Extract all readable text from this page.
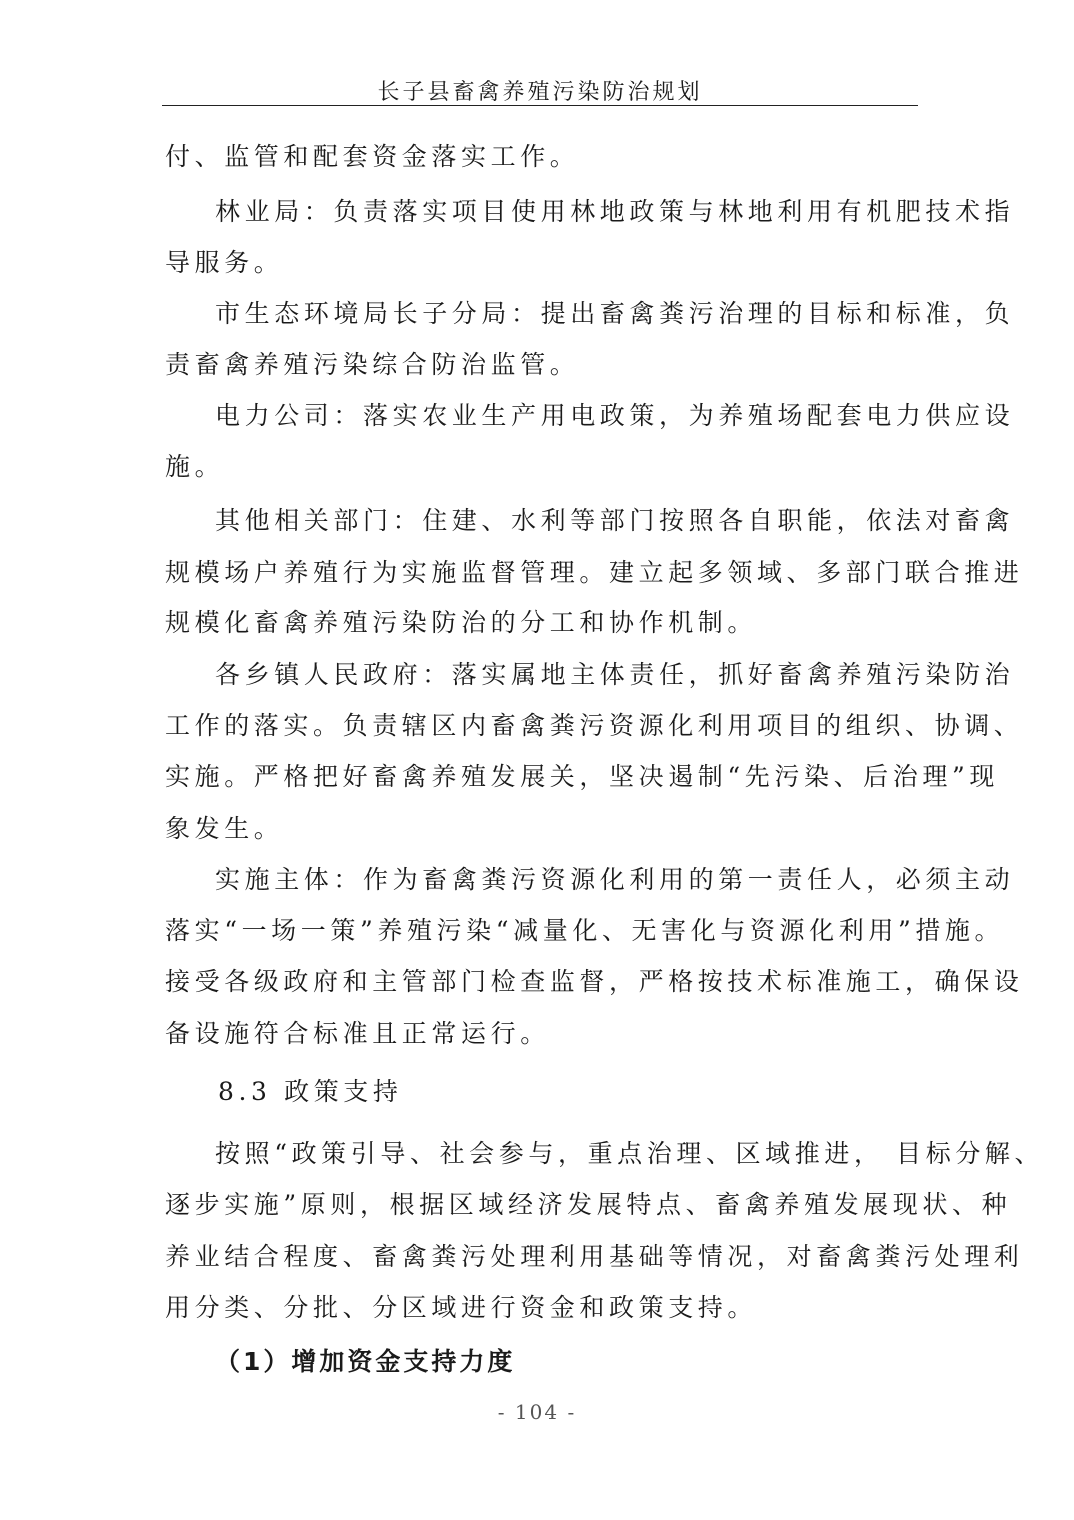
长子县畜禽养殖污染防治规划
付、监管和配套资金落实工作。
林业局：负责落实项目使用林地政策与林地利用有机肥技术指
导服务。
市生态环境局长子分局：提出畜禽粪污治理的目标和标准，负
责畜禽养殖污染综合防治监管。
电力公司：落实农业生产用电政策，为养殖场配套电力供应设
施。
其他相关部门：住建、水利等部门按照各自职能，依法对畜禽
规模场户养殖行为实施监督管理。建立起多领域、多部门联合推进
规模化畜禽养殖污染防治的分工和协作机制。
各乡镇人民政府：落实属地主体责任，抓好畜禽养殖污染防治
工作的落实。负责辖区内畜禽粪污资源化利用项目的组织、协调、
实施。严格把好畜禽养殖发展关，坚决遏制“先污染、后治理”现
象发生。
实施主体：作为畜禽粪污资源化利用的第一责任人，必须主动
落实“一场一策”养殖污染“减量化、无害化与资源化利用”措施。
接受各级政府和主管部门检查监督，严格按技术标准施工，确保设
备设施符合标准且正常运行。
8.3 政策支持
按照“政策引导、社会参与，重点治理、区域推进， 目标分解、
逐步实施”原则，根据区域经济发展特点、畜禽养殖发展现状、种
养业结合程度、畜禽粪污处理利用基础等情况，对畜禽粪污处理利
用分类、分批、分区域进行资金和政策支持。
（1）增加资金支持力度
- 104 -
